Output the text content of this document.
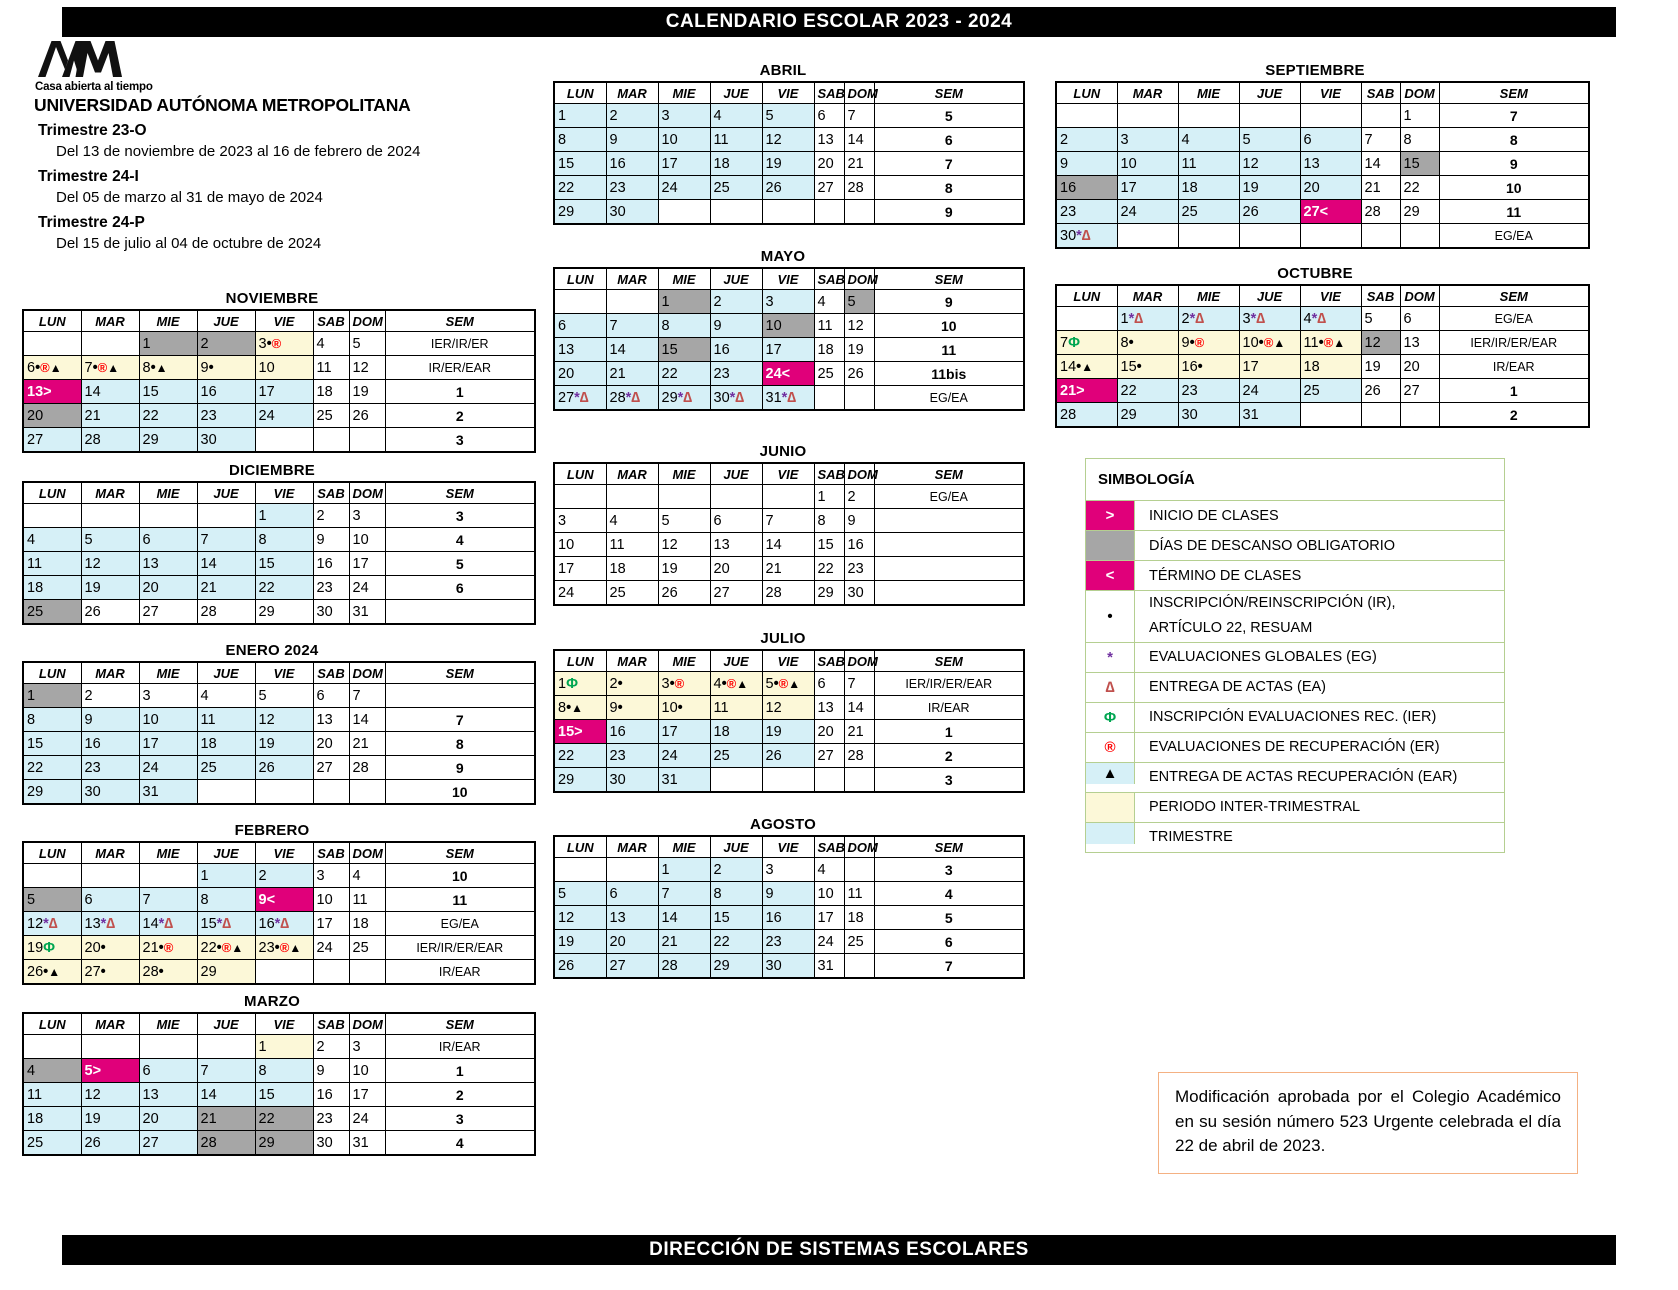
CALENDARIO ESCOLAR 2023 - 2024
Casa abierta al tiempo
UNIVERSIDAD AUTÓNOMA METROPOLITANA
Trimestre 23-O
Del 13 de noviembre de 2023 al 16 de febrero de 2024
Trimestre 24-I
Del 05 de marzo al 31 de mayo de 2024
Trimestre 24-P
Del 15 de julio al 04 de octubre de 2024
NOVIEMBRE
LUN	MAR	MIE	JUE	VIE	SAB	DOM	SEM
		1	2	3•®	4	5	IER/IR/ER
6•®▲	7•®▲	8•▲	9•	10	11	12	IR/ER/EAR
13>	14	15	16	17	18	19	1
20	21	22	23	24	25	26	2
27	28	29	30				3
DICIEMBRE
LUN	MAR	MIE	JUE	VIE	SAB	DOM	SEM
				1	2	3	3
4	5	6	7	8	9	10	4
11	12	13	14	15	16	17	5
18	19	20	21	22	23	24	6
25	26	27	28	29	30	31	
ENERO 2024
LUN	MAR	MIE	JUE	VIE	SAB	DOM	SEM
1	2	3	4	5	6	7	
8	9	10	11	12	13	14	7
15	16	17	18	19	20	21	8
22	23	24	25	26	27	28	9
29	30	31					10
FEBRERO
LUN	MAR	MIE	JUE	VIE	SAB	DOM	SEM
			1	2	3	4	10
5	6	7	8	9<	10	11	11
12*∆	13*∆	14*∆	15*∆	16*∆	17	18	EG/EA
19Φ	20•	21•®	22•®▲	23•®▲	24	25	IER/IR/ER/EAR
26•▲	27•	28•	29				IR/EAR
MARZO
LUN	MAR	MIE	JUE	VIE	SAB	DOM	SEM
				1	2	3	IR/EAR
4	5>	6	7	8	9	10	1
11	12	13	14	15	16	17	2
18	19	20	21	22	23	24	3
25	26	27	28	29	30	31	4
ABRIL
LUN	MAR	MIE	JUE	VIE	SAB	DOM	SEM
1	2	3	4	5	6	7	5
8	9	10	11	12	13	14	6
15	16	17	18	19	20	21	7
22	23	24	25	26	27	28	8
29	30						9
MAYO
LUN	MAR	MIE	JUE	VIE	SAB	DOM	SEM
		1	2	3	4	5	9
6	7	8	9	10	11	12	10
13	14	15	16	17	18	19	11
20	21	22	23	24<	25	26	11bis
27*∆	28*∆	29*∆	30*∆	31*∆			EG/EA
JUNIO
LUN	MAR	MIE	JUE	VIE	SAB	DOM	SEM
					1	2	EG/EA
3	4	5	6	7	8	9	
10	11	12	13	14	15	16	
17	18	19	20	21	22	23	
24	25	26	27	28	29	30	
JULIO
LUN	MAR	MIE	JUE	VIE	SAB	DOM	SEM
1Φ	2•	3•®	4•®▲	5•®▲	6	7	IER/IR/ER/EAR
8•▲	9•	10•	11	12	13	14	IR/EAR
15>	16	17	18	19	20	21	1
22	23	24	25	26	27	28	2
29	30	31					3
AGOSTO
LUN	MAR	MIE	JUE	VIE	SAB	DOM	SEM
		1	2	3	4		3
5	6	7	8	9	10	11	4
12	13	14	15	16	17	18	5
19	20	21	22	23	24	25	6
26	27	28	29	30	31		7
SEPTIEMBRE
LUN	MAR	MIE	JUE	VIE	SAB	DOM	SEM
						1	7
2	3	4	5	6	7	8	8
9	10	11	12	13	14	15	9
16	17	18	19	20	21	22	10
23	24	25	26	27<	28	29	11
30*∆							EG/EA
OCTUBRE
LUN	MAR	MIE	JUE	VIE	SAB	DOM	SEM
	1*∆	2*∆	3*∆	4*∆	5	6	EG/EA
7Φ	8•	9•®	10•®▲	11•®▲	12	13	IER/IR/ER/EAR
14•▲	15•	16•	17	18	19	20	IR/EAR
21>	22	23	24	25	26	27	1
28	29	30	31				2
SIMBOLOGÍA
>	INICIO DE CLASES
DÍAS DE DESCANSO OBLIGATORIO
<	TÉRMINO DE CLASES
•
INSCRIPCIÓN/REINSCRIPCIÓN (IR),
ARTÍCULO 22, RESUAM
*	EVALUACIONES GLOBALES (EG)
∆	ENTREGA DE ACTAS (EA)
Φ	INSCRIPCIÓN EVALUACIONES REC. (IER)
®	EVALUACIONES DE RECUPERACIÓN (ER)
▲	ENTREGA DE ACTAS RECUPERACIÓN (EAR)
PERIODO INTER-TRIMESTRAL
TRIMESTRE
Modificación aprobada por el Colegio Académico en su sesión número 523 Urgente celebrada el día 22 de abril de 2023.
DIRECCIÓN DE SISTEMAS ESCOLARES
